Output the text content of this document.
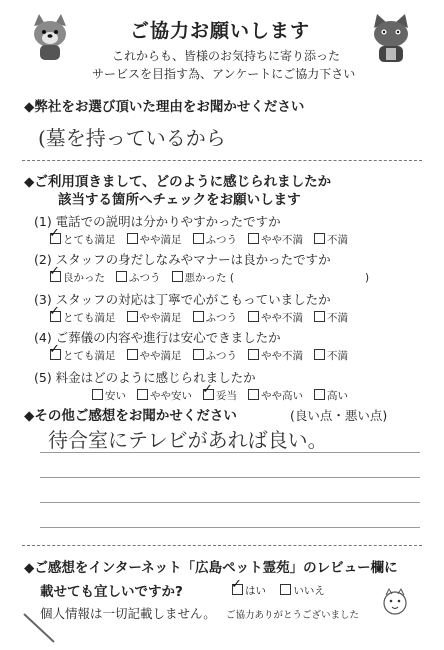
ご協力お願いします
これからも、皆様のお気持ちに寄り添った
サービスを目指す為、アンケートにご協力下さい
◆弊社をお選び頂いた理由をお聞かせください
(墓を持っているから
◆ご利用頂きまして、どのように感じられましたか
該当する箇所へチェックをお願いします
(1) 電話での説明は分かりやすかったですか
✓とても満足 やや満足 ふつう やや不満 不満
(2) スタッフの身だしなみやマナーは良かったですか
✓良かった ふつう 悪かった (	)
(3) スタッフの対応は丁寧で心がこもっていましたか
✓とても満足 やや満足 ふつう やや不満 不満
(4) ご葬儀の内容や進行は安心できましたか
✓とても満足 やや満足 ふつう やや不満 不満
(5) 料金はどのように感じられましたか
安い やや安い ✓ 妥当 やや高い 高い
◆その他ご感想をお聞かせください	(良い点・悪い点)
待合室にテレビがあれば良い。
◆ご感想をインターネット「広島ペット霊苑」のレビュー欄に
載せても宜しいですか? ✓	はい	いいえ
個人情報は一切記載しません。 ご協力ありがとうございました
